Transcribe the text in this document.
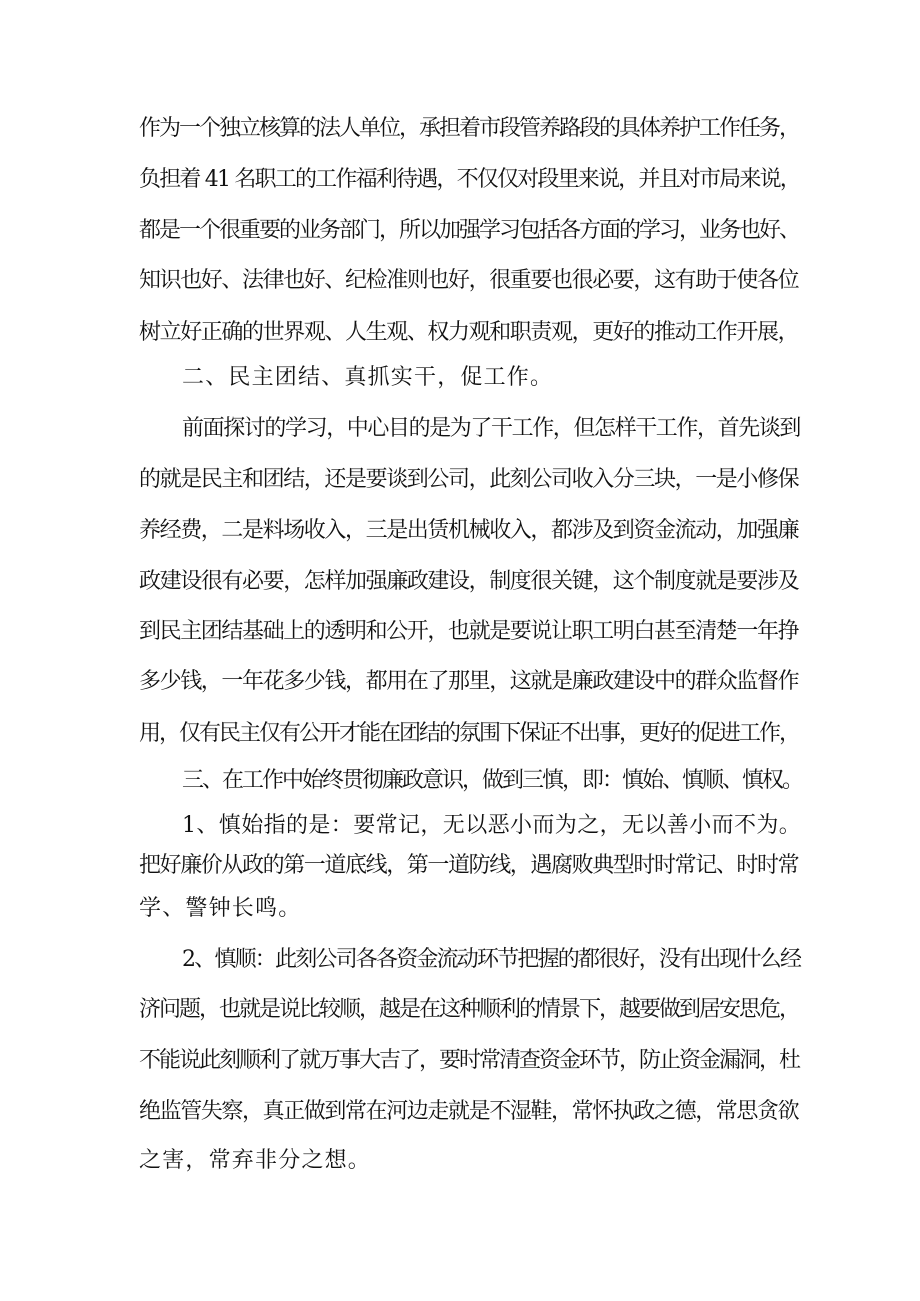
作为一个独立核算的法人单位，承担着市段管养路段的具体养护工作任务，
负担着 41 名职工的工作福利待遇，不仅仅对段里来说，并且对市局来说，
都是一个很重要的业务部门，所以加强学习包括各方面的学习，业务也好、
知识也好、法律也好、纪检准则也好，很重要也很必要，这有助于使各位
树立好正确的世界观、人生观、权力观和职责观，更好的推动工作开展，
二、民主团结、真抓实干，促工作。
前面探讨的学习，中心目的是为了干工作，但怎样干工作，首先谈到
的就是民主和团结，还是要谈到公司，此刻公司收入分三块，一是小修保
养经费，二是料场收入，三是出赁机械收入，都涉及到资金流动，加强廉
政建设很有必要，怎样加强廉政建设，制度很关键，这个制度就是要涉及
到民主团结基础上的透明和公开，也就是要说让职工明白甚至清楚一年挣
多少钱，一年花多少钱，都用在了那里，这就是廉政建设中的群众监督作
用，仅有民主仅有公开才能在团结的氛围下保证不出事，更好的促进工作，
三、在工作中始终贯彻廉政意识，做到三慎，即：慎始、慎顺、慎权。
1、慎始指的是：要常记，无以恶小而为之，无以善小而不为。
把好廉价从政的第一道底线，第一道防线，遇腐败典型时时常记、时时常
学、警钟长鸣。
2、慎顺：此刻公司各各资金流动环节把握的都很好，没有出现什么经
济问题，也就是说比较顺，越是在这种顺利的情景下，越要做到居安思危，
不能说此刻顺利了就万事大吉了，要时常清查资金环节，防止资金漏洞，杜
绝监管失察，真正做到常在河边走就是不湿鞋，常怀执政之德，常思贪欲
之害，常弃非分之想。
